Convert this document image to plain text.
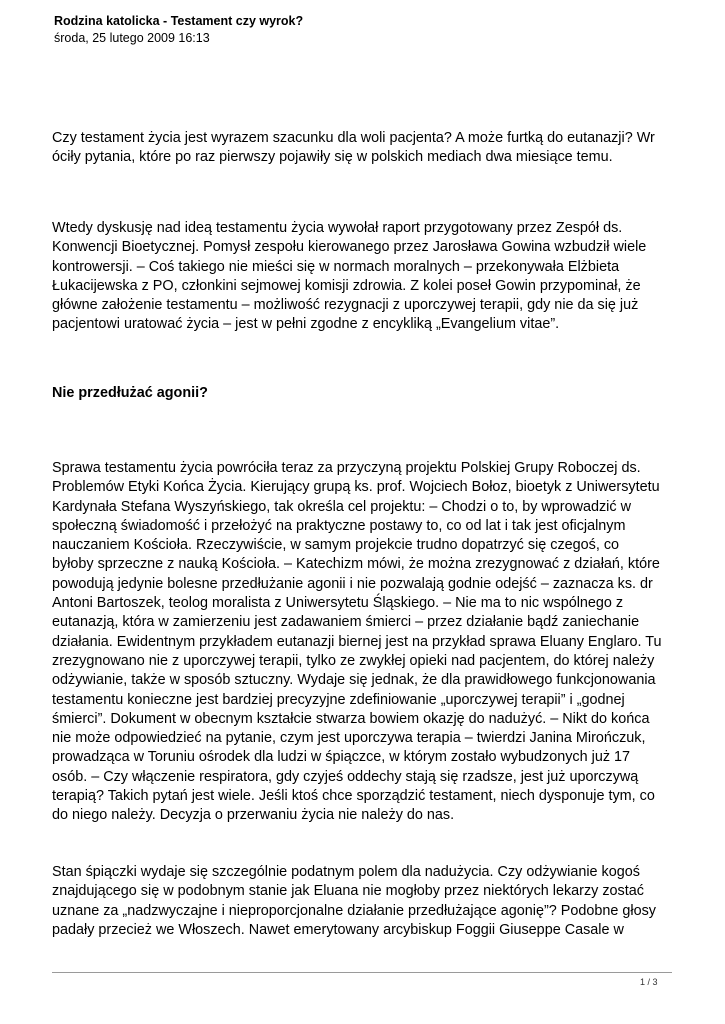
Rodzina katolicka - Testament czy wyrok?
środa, 25 lutego 2009 16:13

Czy testament życia jest wyrazem szacunku dla woli pacjenta? A może furtką do eutanazji? Wr
óciły pytania, które po raz pierwszy pojawiły się w polskich mediach dwa miesiące temu.

Wtedy dyskusję nad ideą testamentu życia wywołał raport przygotowany przez Zespół ds.
Konwencji Bioetycznej. Pomysł zespołu kierowanego przez Jarosława Gowina wzbudził wiele
kontrowersji. – Coś takiego nie mieści się w normach moralnych – przekonywała Elżbieta
Łukacijewska z PO, członkini sejmowej komisji zdrowia. Z kolei poseł Gowin przypominał, że
główne założenie testamentu – możliwość rezygnacji z uporczywej terapii, gdy nie da się już
pacjentowi uratować życia – jest w pełni zgodne z encykliką „Evangelium vitae”.

Nie przedłużać agonii?

Sprawa testamentu życia powróciła teraz za przyczyną projektu Polskiej Grupy Roboczej ds.
Problemów Etyki Końca Życia. Kierujący grupą ks. prof. Wojciech Bołoz, bioetyk z Uniwersytetu
Kardynała Stefana Wyszyńskiego, tak określa cel projektu: – Chodzi o to, by wprowadzić w
społeczną świadomość i przełożyć na praktyczne postawy to, co od lat i tak jest oficjalnym
nauczaniem Kościoła. Rzeczywiście, w samym projekcie trudno dopatrzyć się czegoś, co
byłoby sprzeczne z nauką Kościoła. – Katechizm mówi, że można zrezygnować z działań, które
powodują jedynie bolesne przedłużanie agonii i nie pozwalają godnie odejść – zaznacza ks. dr
Antoni Bartoszek, teolog moralista z Uniwersytetu Śląskiego. – Nie ma to nic wspólnego z
eutanazją, która w zamierzeniu jest zadawaniem śmierci – przez działanie bądź zaniechanie
działania. Ewidentnym przykładem eutanazji biernej jest na przykład sprawa Eluany Englaro. Tu
zrezygnowano nie z uporczywej terapii, tylko ze zwykłej opieki nad pacjentem, do której należy
odżywianie, także w sposób sztuczny. Wydaje się jednak, że dla prawidłowego funkcjonowania
testamentu konieczne jest bardziej precyzyjne zdefiniowanie „uporczywej terapii” i „godnej
śmierci”. Dokument w obecnym kształcie stwarza bowiem okazję do nadużyć. – Nikt do końca
nie może odpowiedzieć na pytanie, czym jest uporczywa terapia – twierdzi Janina Mirończuk,
prowadząca w Toruniu ośrodek dla ludzi w śpiączce, w którym zostało wybudzonych już 17
osób. – Czy włączenie respiratora, gdy czyjeś oddechy stają się rzadsze, jest już uporczywą
terapią? Takich pytań jest wiele. Jeśli ktoś chce sporządzić testament, niech dysponuje tym, co
do niego należy. Decyzja o przerwaniu życia nie należy do nas.

Stan śpiączki wydaje się szczególnie podatnym polem dla nadużycia. Czy odżywianie kogoś
znajdującego się w podobnym stanie jak Eluana nie mogłoby przez niektórych lekarzy zostać
uznane za „nadzwyczajne i nieproporcjonalne działanie przedłużające agonię”? Podobne głosy
padały przecież we Włoszech. Nawet emerytowany arcybiskup Foggii Giuseppe Casale w

1 / 3
